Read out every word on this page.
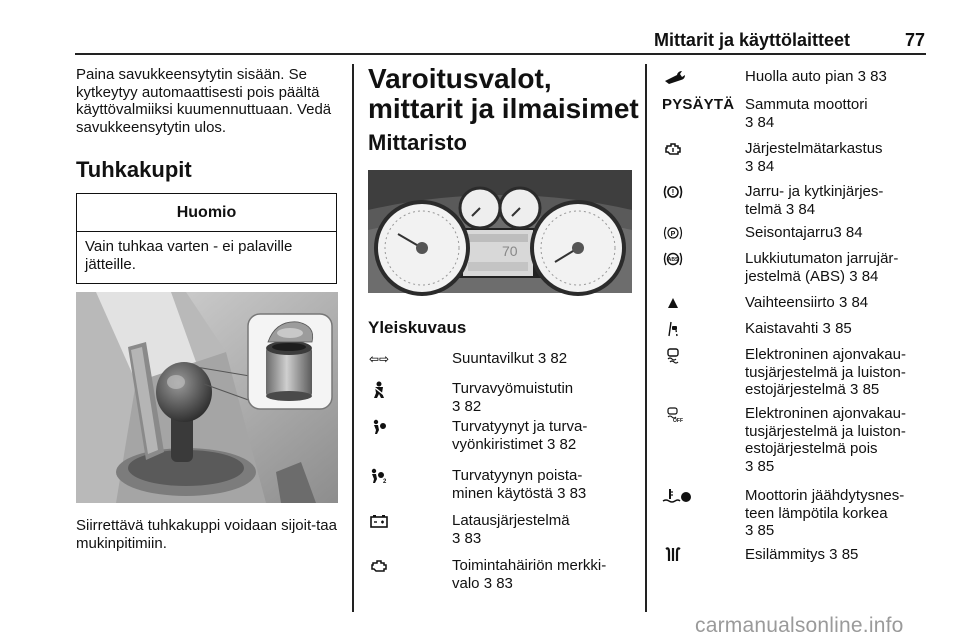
Mittarit ja käyttölaitteet	77
Paina savukkeensytytin sisään. Se kytkeytyy automaattisesti pois päältä käyttövalmiiksi kuumennuttuaan. Vedä savukkeensytytin ulos.
Tuhkakupit
Huomio
Vain tuhkaa varten - ei palaville jätteille.
Siirrettävä tuhkakuppi voidaan sijoit-taa mukinpitimiin.
Varoitusvalot, mittarit ja ilmaisimet
Mittaristo
70
Yleiskuvaus
⇦⇨	Suuntavilkut 3 82
Turvavyömuistutin
3 82
Turvatyynyt ja turva-
vyönkiristimet 3 82
2	Turvatyynyn poista-
minen käytöstä 3 83
Latausjärjestelmä
3 83
Toimintahäiriön merkki-
valo 3 83
Huolla auto pian 3 83
PYSÄYTÄ Sammuta moottori
3 84
Järjestelmätarkastus
3 84
!	Jarru- ja kytkinjärjes-
telmä 3 84
P	Seisontajarru3 84
ABS	Lukkiutumaton jarrujär-
jestelmä (ABS) 3 84
Vaihteensiirto 3 84
Kaistavahti 3 85
Elektroninen ajonvakau-
tusjärjestelmä ja luiston-
estojärjestelmä 3 85
OFF	Elektroninen ajonvakau-
tusjärjestelmä ja luiston-
estojärjestelmä pois
3 85
Moottorin jäähdytysnes-
teen lämpötila korkea
3 85
Esilämmitys 3 85
carmanualsonline.info
